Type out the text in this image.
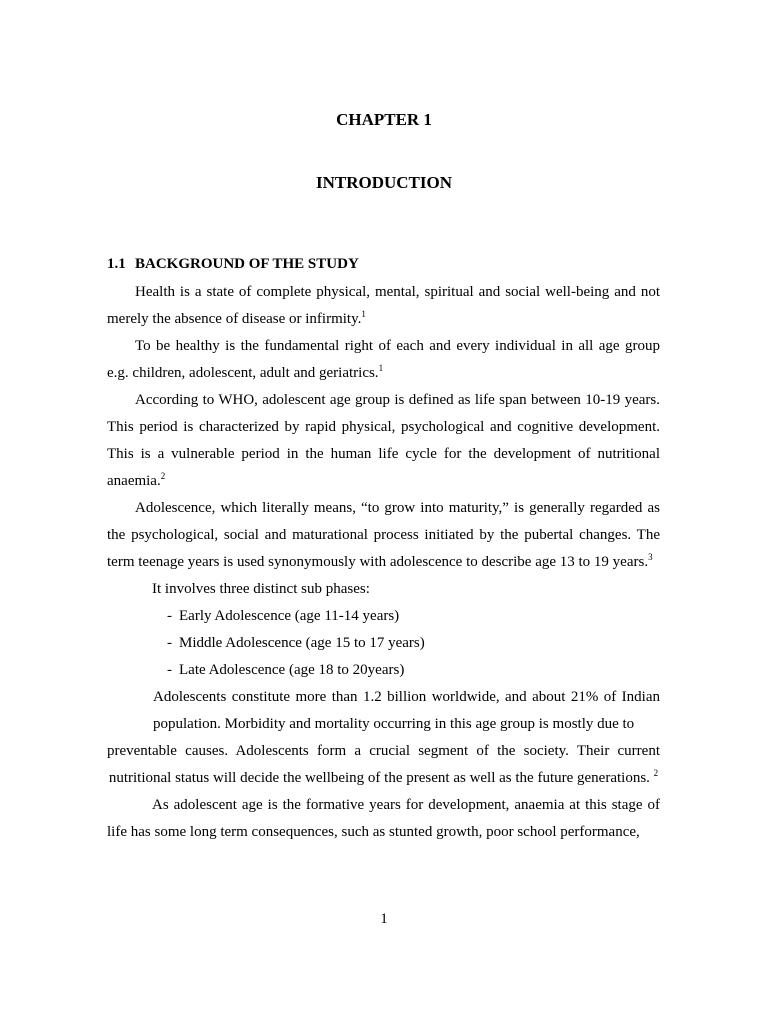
CHAPTER 1
INTRODUCTION
1.1 BACKGROUND OF THE STUDY

Health is a state of complete physical, mental, spiritual and social well-being and not merely the absence of disease or infirmity.$^1$

To be healthy is the fundamental right of each and every individual in all age group e.g. children, adolescent, adult and geriatrics.$^1$

According to WHO, adolescent age group is defined as life span between 10-19 years. This period is characterized by rapid physical, psychological and cognitive development. This is a vulnerable period in the human life cycle for the development of nutritional anaemia.$^2$

Adolescence, which literally means, “to grow into maturity,” is generally regarded as the psychological, social and maturational process initiated by the pubertal changes. The term teenage years is used synonymously with adolescence to describe age 13 to 19 years.$^3$

It involves three distinct sub phases:

- Early Adolescence (age 11-14 years)
- Middle Adolescence (age 15 to 17 years)
- Late Adolescence (age 18 to 20years)

Adolescents constitute more than 1.2 billion worldwide, and about 21% of Indian population. Morbidity and mortality occurring in this age group is mostly due to

preventable causes. Adolescents form a crucial segment of the society. Their current nutritional status will decide the wellbeing of the present as well as the future generations. $^2$

As adolescent age is the formative years for development, anaemia at this stage of life has some long term consequences, such as stunted growth, poor school performance,

1
